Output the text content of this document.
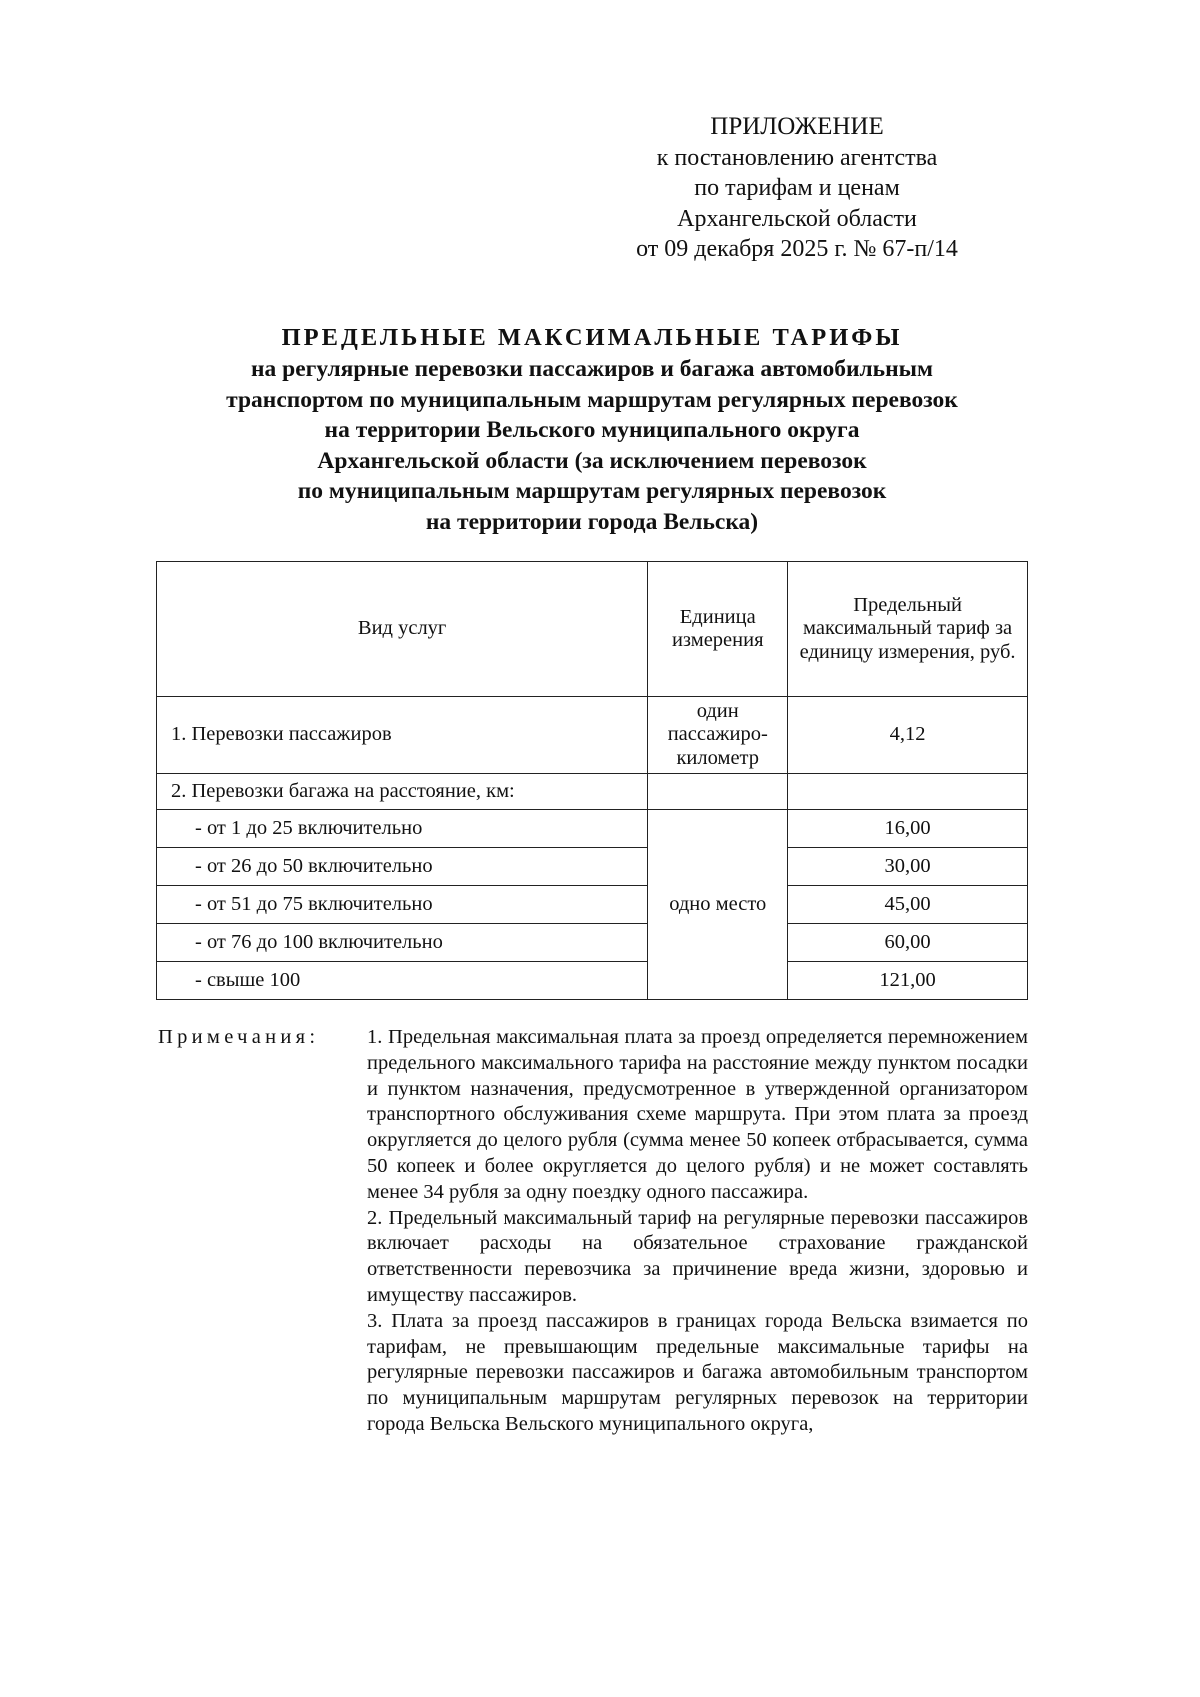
ПРИЛОЖЕНИЕ
к постановлению агентства
по тарифам и ценам
Архангельской области
от 09 декабря 2025 г. № 67-п/14
ПРЕДЕЛЬНЫЕ МАКСИМАЛЬНЫЕ ТАРИФЫ
на регулярные перевозки пассажиров и багажа автомобильным
транспортом по муниципальным маршрутам регулярных перевозок
на территории Вельского муниципального округа
Архангельской области (за исключением перевозок
по муниципальным маршрутам регулярных перевозок
на территории города Вельска)
Вид услуг	Единица измерения	Предельный максимальный тариф за единицу измерения, руб.
1. Перевозки пассажиров	один пассажиро-километр	4,12
2. Перевозки багажа на расстояние, км:		
- от 1 до 25 включительно	одно место	16,00
- от 26 до 50 включительно		30,00
- от 51 до 75 включительно		45,00
- от 76 до 100 включительно		60,00
- свыше 100		121,00
Примечания: 1. Предельная максимальная плата за проезд определяется перемножением предельного максимального тарифа на расстояние между пунктом посадки и пунктом назначения, предусмотренное в утвержденной организатором транспортного обслуживания схеме маршрута. При этом плата за проезд округляется до целого рубля (сумма менее 50 копеек отбрасывается, сумма 50 копеек и более округляется до целого рубля) и не может составлять менее 34 рубля за одну поездку одного пассажира.

2. Предельный максимальный тариф на регулярные перевозки пассажиров включает расходы на обязательное страхование гражданской ответственности перевозчика за причинение вреда жизни, здоровью и имуществу пассажиров.

3. Плата за проезд пассажиров в границах города Вельска взимается по тарифам, не превышающим предельные максимальные тарифы на регулярные перевозки пассажиров и багажа автомобильным транспортом по муниципальным маршрутам регулярных перевозок на территории города Вельска Вельского муниципального округа,
